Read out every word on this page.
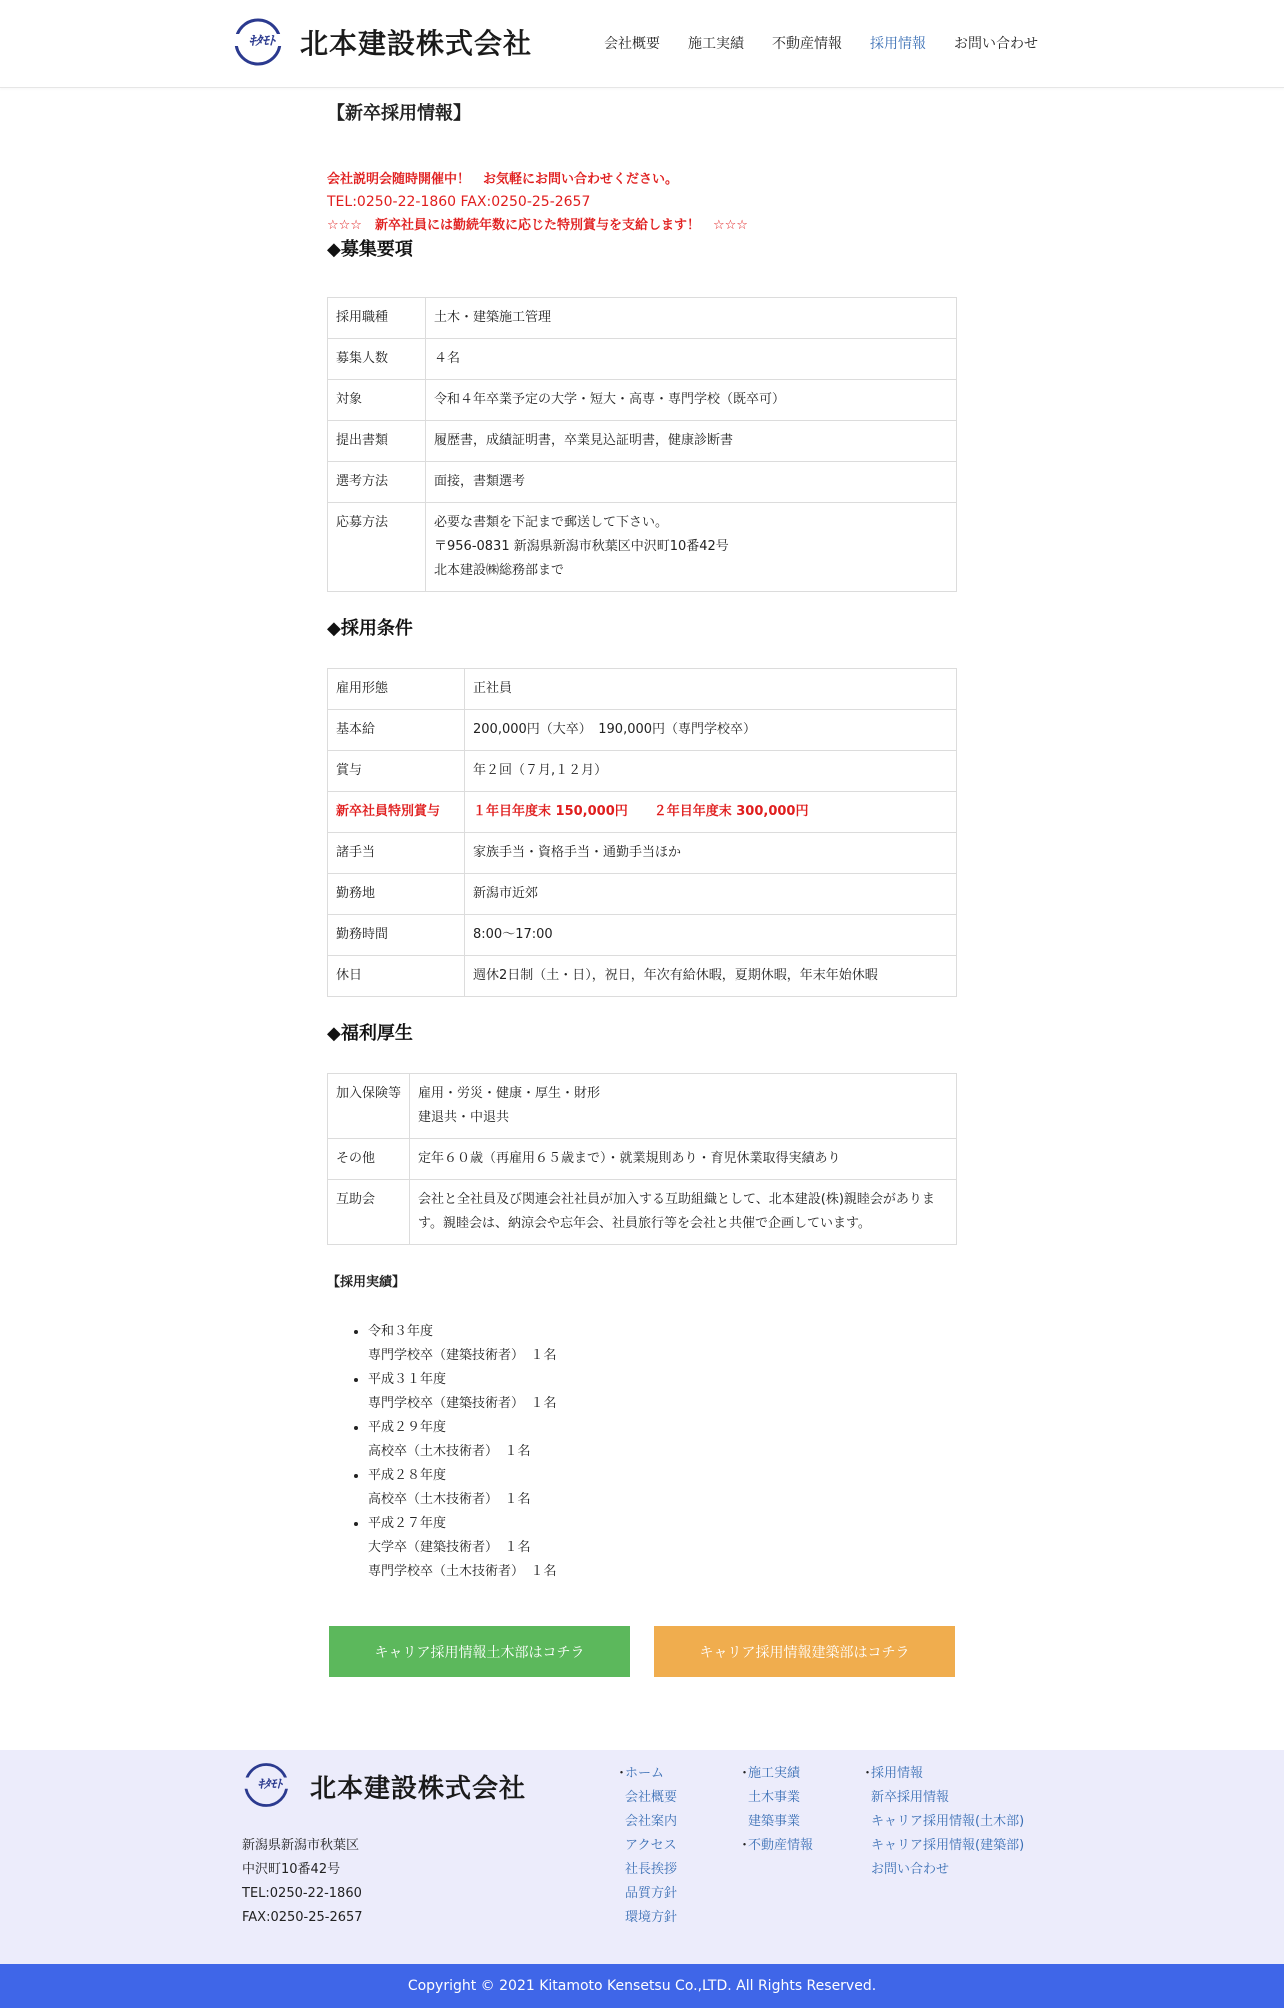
ｷﾀﾓﾄ 北本建設株式会社	会社概要 施工実績 不動産情報 採用情報 お問い合わせ
【新卒採用情報】
会社説明会随時開催中！　お気軽にお問い合わせください。
TEL:0250-22-1860 FAX:0250-25-2657
☆☆☆　新卒社員には勤続年数に応じた特別賞与を支給します！　☆☆☆
◆募集要項
採用職種	土木・建築施工管理
募集人数	４名
対象	令和４年卒業予定の大学・短大・高専・専門学校（既卒可）
提出書類	履歴書，成績証明書，卒業見込証明書，健康診断書
選考方法	面接，書類選考
応募方法	必要な書類を下記まで郵送して下さい。
〒956-0831 新潟県新潟市秋葉区中沢町10番42号
北本建設㈱総務部まで
◆採用条件
雇用形態	正社員
基本給	200,000円（大卒）　190,000円（専門学校卒）
賞与	年２回（７月,１２月）
新卒社員特別賞与	１年目年度末 150,000円　　２年目年度末 300,000円
諸手当	家族手当・資格手当・通勤手当ほか
勤務地	新潟市近郊
勤務時間	8:00～17:00
休日	週休2日制（土・日），祝日，年次有給休暇，夏期休暇，年末年始休暇
◆福利厚生
加入保険等	雇用・労災・健康・厚生・財形
建退共・中退共

その他	定年６０歳（再雇用６５歳まで）・就業規則あり・育児休業取得実績あり
互助会	会社と全社員及び関連会社社員が加入する互助組織として、北本建設(株)親睦会があります。親睦会は、納涼会や忘年会、社員旅行等を会社と共催で企画しています。
【採用実績】
• 令和３年度
専門学校卒（建築技術者）　１名
• 平成３１年度
専門学校卒（建築技術者）　１名
• 平成２９年度
高校卒（土木技術者）　１名
• 平成２８年度
高校卒（土木技術者）　１名
• 平成２７年度
大学卒（建築技術者）　１名
専門学校卒（土木技術者）　１名
キャリア採用情報土木部はコチラ	キャリア採用情報建築部はコチラ
ｷﾀﾓﾄ 北本建設株式会社
新潟県新潟市秋葉区
中沢町10番42号
TEL:0250-22-1860
FAX:0250-25-2657
・
ホーム
会社概要
会社案内
アクセス
社長挨拶
品質方針
環境方針
・
施工実績
土木事業
建築事業
・
不動産情報
・
採用情報
新卒採用情報
キャリア採用情報(土木部)
キャリア採用情報(建築部)
お問い合わせ
Copyright © 2021 Kitamoto Kensetsu Co.,LTD. All Rights Reserved.
